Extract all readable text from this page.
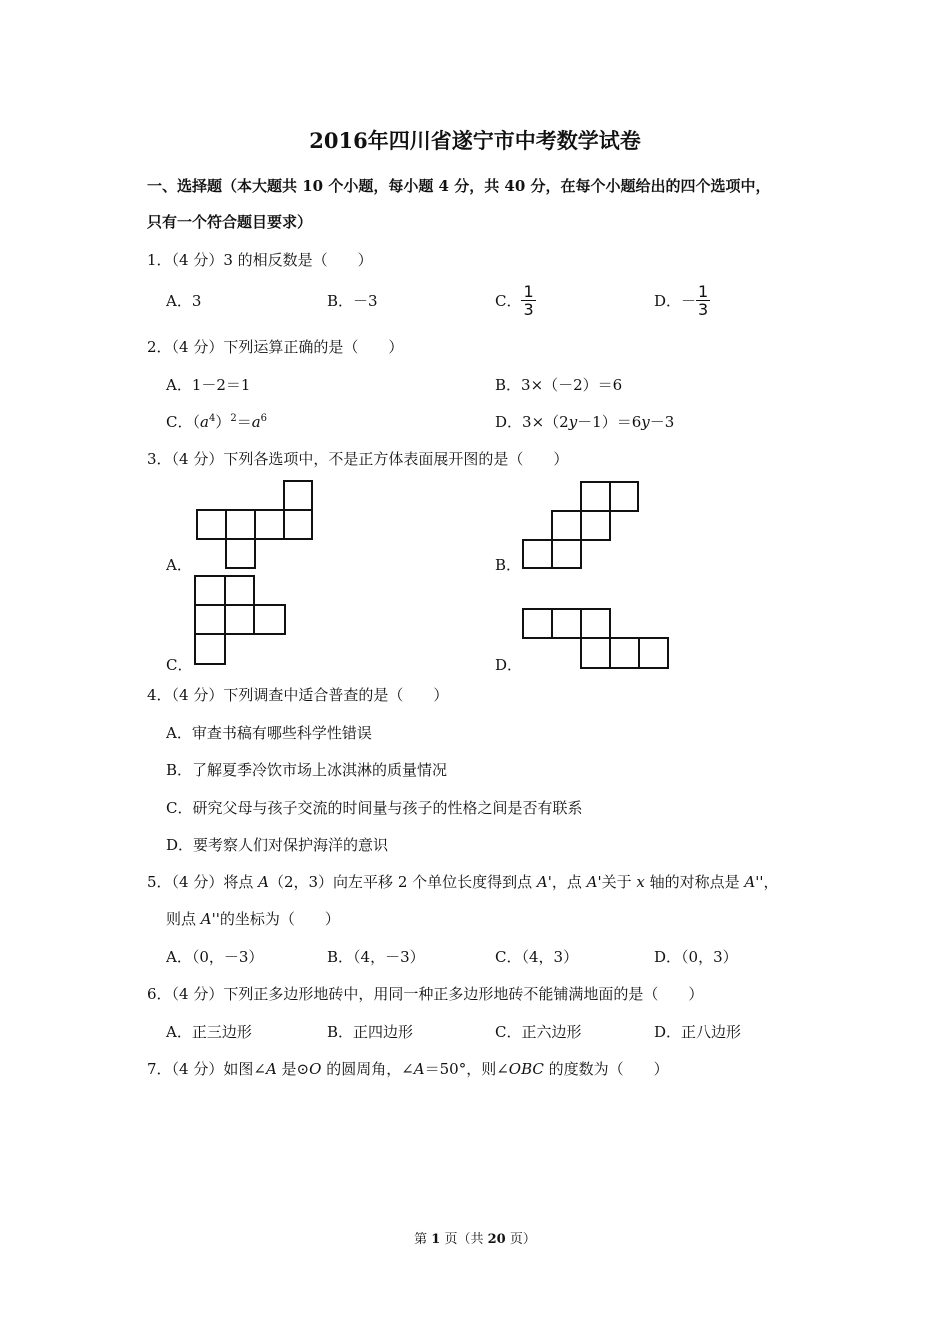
2016年四川省遂宁市中考数学试卷
一、选择题（本大题共 10 个小题，每小题 4 分，共 40 分，在每个小题给出的四个选项中，
只有一个符合题目要求）
1．（4 分）3 的相反数是（　　）
A．3	B．－3	C． $\frac{1}{3}$	D．－ $\frac{1}{3}$
2．（4 分）下列运算正确的是（　　）
A．1－2＝1	B．3×（－2）＝6
C．$(a^4)^2=a^6$	D．3×（2y－1）＝6y－3
3．（4 分）下列各选项中，不是正方体表面展开图的是（　　）
A．	B．
C．	D．
4．（4 分）下列调查中适合普查的是（　　）
A．审查书稿有哪些科学性错误
B．了解夏季冷饮市场上冰淇淋的质量情况
C．研究父母与孩子交流的时间量与孩子的性格之间是否有联系
D．要考察人们对保护海洋的意识
5．（4 分）将点 A（2，3）向左平移 2 个单位长度得到点 A'，点 A'关于 x 轴的对称点是 A''，
则点 A''的坐标为（　　）
A．（0，－3）	B．（4，－3）	C．（4，3）	D．（0，3）
6．（4 分）下列正多边形地砖中，用同一种正多边形地砖不能铺满地面的是（　　）
A．正三边形	B．正四边形	C．正六边形	D．正八边形
7．（4 分）如图∠A 是⊙O 的圆周角，∠A＝50°，则∠OBC 的度数为（　　）
第 1 页（共 20 页）
